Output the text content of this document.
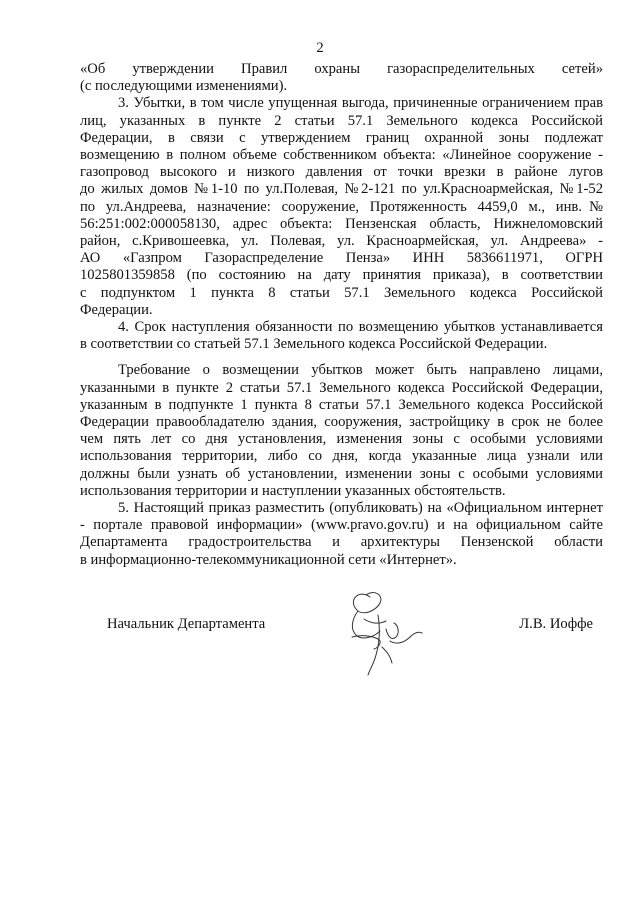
2

«Об утверждении Правил охраны газораспределительных сетей»
(с последующими изменениями).

3. Убытки, в том числе упущенная выгода, причиненные ограничением прав
лиц, указанных в пункте 2 статьи 57.1 Земельного кодекса Российской
Федерации, в связи с утверждением границ охранной зоны подлежат
возмещению в полном объеме собственником объекта: «Линейное сооружение -
газопровод высокого и низкого давления от точки врезки в районе лугов
до жилых домов №1-10 по ул.Полевая, №2-121 по ул.Красноармейская, №1-52
по ул.Андреева, назначение: сооружение, Протяженность 4459,0 м., инв.№
56:251:002:000058130, адрес объекта: Пензенская область, Нижнеломовский
район, с.Кривошеевка, ул. Полевая, ул. Красноармейская, ул. Андреева» -
АО «Газпром Газораспределение Пенза» ИНН 5836611971, ОГРН
1025801359858 (по состоянию на дату принятия приказа), в соответствии
с подпунктом 1 пункта 8 статьи 57.1 Земельного кодекса Российской
Федерации.

4. Срок наступления обязанности по возмещению убытков устанавливается
в соответствии со статьей 57.1 Земельного кодекса Российской Федерации.

Требование о возмещении убытков может быть направлено лицами,
указанными в пункте 2 статьи 57.1 Земельного кодекса Российской Федерации,
указанным в подпункте 1 пункта 8 статьи 57.1 Земельного кодекса Российской
Федерации правообладателю здания, сооружения, застройщику в срок не более
чем пять лет со дня установления, изменения зоны с особыми условиями
использования территории, либо со дня, когда указанные лица узнали или
должны были узнать об установлении, изменении зоны с особыми условиями
использования территории и наступлении указанных обстоятельств.

5. Настоящий приказ разместить (опубликовать) на «Официальном интернет
- портале правовой информации» (www.pravo.gov.ru) и на официальном сайте
Департамента градостроительства и архитектуры Пензенской области
в информационно-телекоммуникационной сети «Интернет».

Начальник Департамента	Л.В. Иоффе
